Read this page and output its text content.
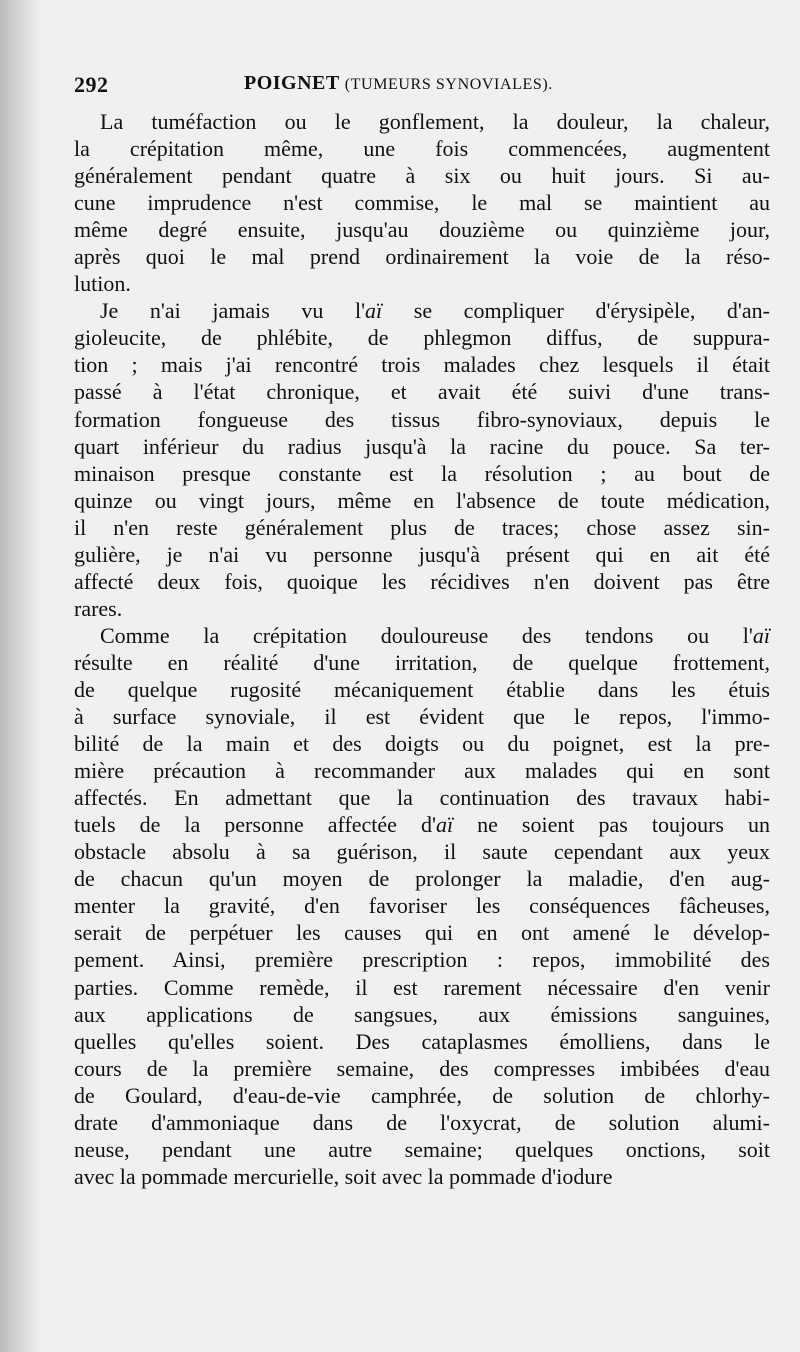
292	POIGNET (TUMEURS SYNOVIALES).
La tuméfaction ou le gonflement, la douleur, la chaleur,
la crépitation même, une fois commencées, augmentent
généralement pendant quatre à six ou huit jours. Si au-
cune imprudence n'est commise, le mal se maintient au
même degré ensuite, jusqu'au douzième ou quinzième jour,
après quoi le mal prend ordinairement la voie de la réso-
lution.
Je n'ai jamais vu l'aï se compliquer d'érysipèle, d'an-
gioleucite, de phlébite, de phlegmon diffus, de suppura-
tion ; mais j'ai rencontré trois malades chez lesquels il était
passé à l'état chronique, et avait été suivi d'une trans-
formation fongueuse des tissus fibro-synoviaux, depuis le
quart inférieur du radius jusqu'à la racine du pouce. Sa ter-
minaison presque constante est la résolution ; au bout de
quinze ou vingt jours, même en l'absence de toute médication,
il n'en reste généralement plus de traces; chose assez sin-
gulière, je n'ai vu personne jusqu'à présent qui en ait été
affecté deux fois, quoique les récidives n'en doivent pas être
rares.
Comme la crépitation douloureuse des tendons ou l'aï
résulte en réalité d'une irritation, de quelque frottement,
de quelque rugosité mécaniquement établie dans les étuis
à surface synoviale, il est évident que le repos, l'immo-
bilité de la main et des doigts ou du poignet, est la pre-
mière précaution à recommander aux malades qui en sont
affectés. En admettant que la continuation des travaux habi-
tuels de la personne affectée d'aï ne soient pas toujours un
obstacle absolu à sa guérison, il saute cependant aux yeux
de chacun qu'un moyen de prolonger la maladie, d'en aug-
menter la gravité, d'en favoriser les conséquences fâcheuses,
serait de perpétuer les causes qui en ont amené le dévelop-
pement. Ainsi, première prescription : repos, immobilité des
parties. Comme remède, il est rarement nécessaire d'en venir
aux applications de sangsues, aux émissions sanguines,
quelles qu'elles soient. Des cataplasmes émolliens, dans le
cours de la première semaine, des compresses imbibées d'eau
de Goulard, d'eau-de-vie camphrée, de solution de chlorhy-
drate d'ammoniaque dans de l'oxycrat, de solution alumi-
neuse, pendant une autre semaine; quelques onctions, soit
avec la pommade mercurielle, soit avec la pommade d'iodure
